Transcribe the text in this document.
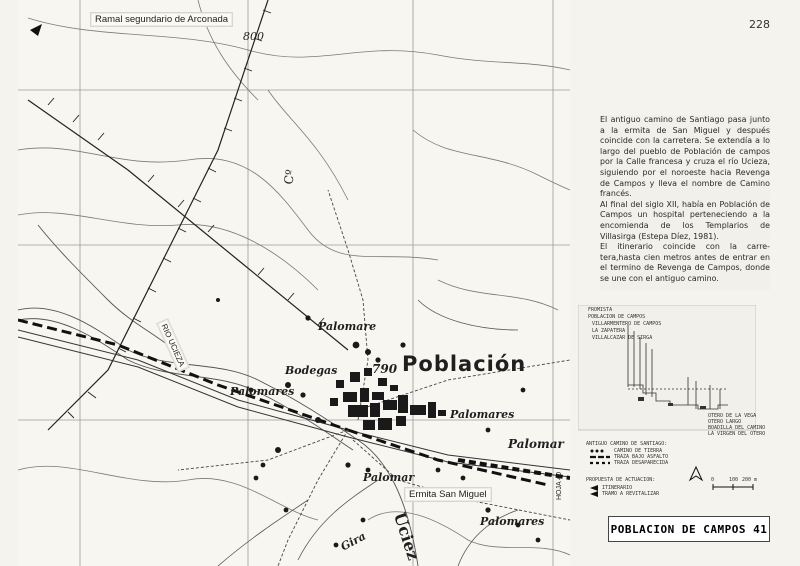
Ramal segundario de Arconada
800
Cº
RIO UCIEZA	Palomare
790 Población
Bodegas
Palomares
Palomares
Palomar
Palomar
Ermita San Miguel	HOJA 40
Gira Uciez	Palomares
228

El antiguo camino de Santiago pasa junto a la ermita de San Miguel y después coincide con la carretera. Se extendía a lo largo del pueblo de Población de campos por la Calle francesa y cruza el río Ucieza, siguiendo por el noroeste hacia Revenga de Campos y lleva el nombre de Camino francés.

Al final del siglo XII, había en Población de Campos un hospital perteneciendo a la encomienda de los Templarios de Villasirga (Estepa Díez, 1981).

El itinerario coincide con la carre-tera,hasta cien metros antes de entrar en el termino de Revenga de Campos, donde se une con el antiguo camino.

FROMISTA
POBLACION DE CAMPOS
VILLARMENTERO DE CAMPOS
LA ZAPATERA
VILLALCAZAR DE SIRGA
OTERO DE LA VEGA
OTERO LARGO
BOADILLA DEL CAMINO
LA VIRGEN DEL OTERO
ANTIGUO CAMINO DE SANTIAGO:
CAMINO DE TIERRA
TRAZA BAJO ASFALTO
TRAZA DESAPARECIDA
PROPUESTA DE ACTUACION:
ITINERARIO
TRAMO A REVITALIZAR
0	100 200 m
POBLACION DE CAMPOS 41
